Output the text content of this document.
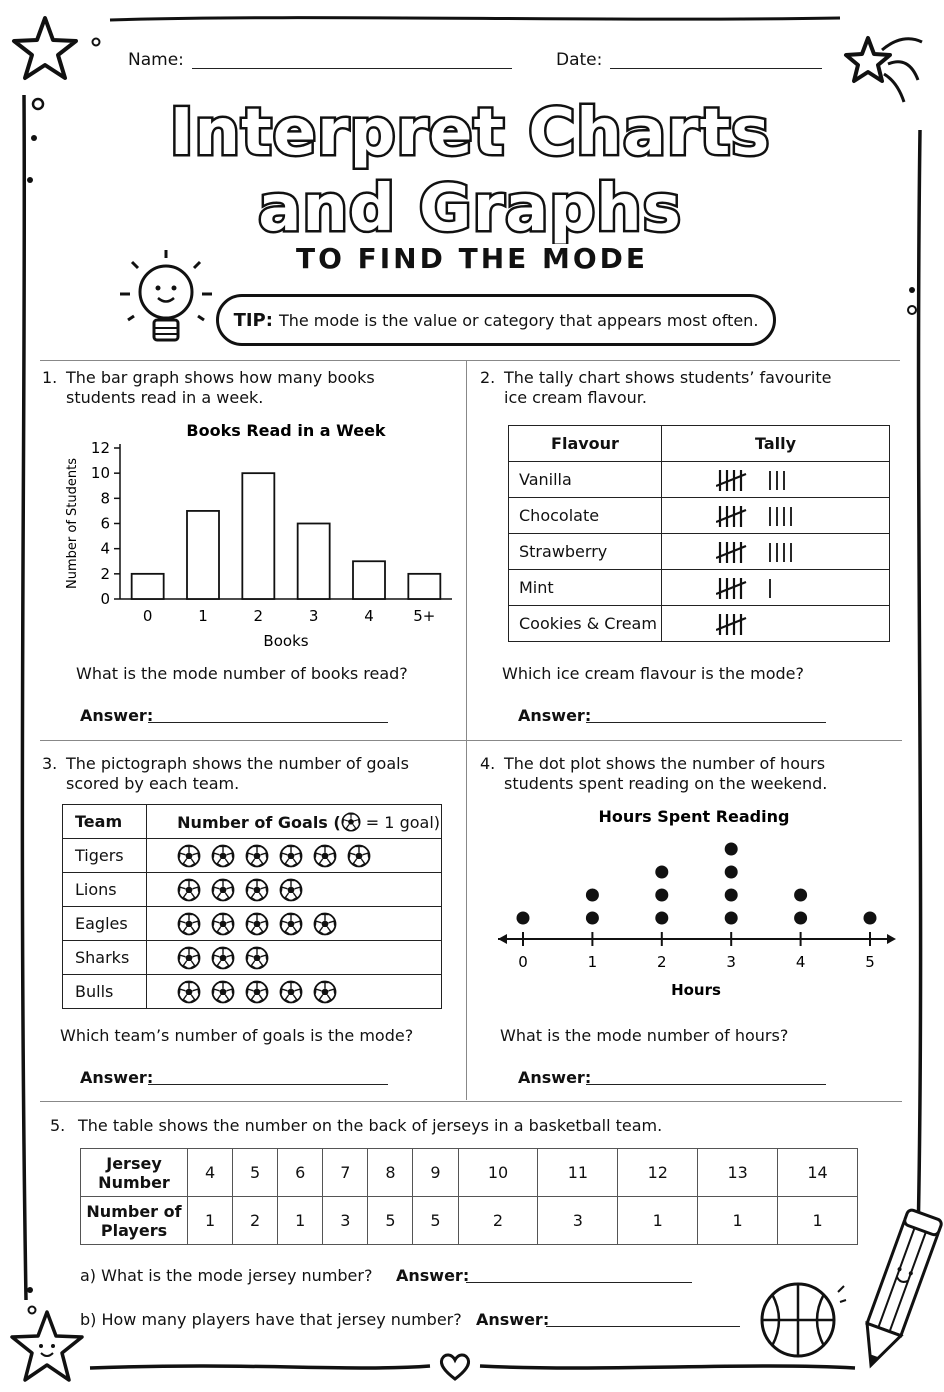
Name:	Date:
Interpret Charts
and Graphs
TO FIND THE MODE
TIP: The mode is the value or category that appears most often.
1. The bar graph shows how many books
students read in a week.
Books Read in a Week
0
2
4
6
8
10
12
0	1	2	3	4	5+
Books
Number of Students
What is the mode number of books read?
Answer:
2. The tally chart shows students’ favourite
ice cream flavour.
Flavour	Tally
Vanilla	
Chocolate	
Strawberry	
Mint	
Cookies & Cream	
Which ice cream flavour is the mode?
Answer:
3. The pictograph shows the number of goals
scored by each team.
Team	Number of Goals ( = 1 goal)
Tigers	
Lions	
Eagles	
Sharks	
Bulls	
Which team’s number of goals is the mode?
Answer:
4. The dot plot shows the number of hours
students spent reading on the weekend.
Hours Spent Reading
0	1	2	3	4	5
Hours
What is the mode number of hours?
Answer:
5. The table shows the number on the back of jerseys in a basketball team.
Jersey
Number	4	5	6	7	8	9	10	11	12	13	14
Number of
Players	1	2	1	3	5	5	2	3	1	1	1
a) What is the mode jersey number? Answer:
b) How many players have that jersey number? Answer:
